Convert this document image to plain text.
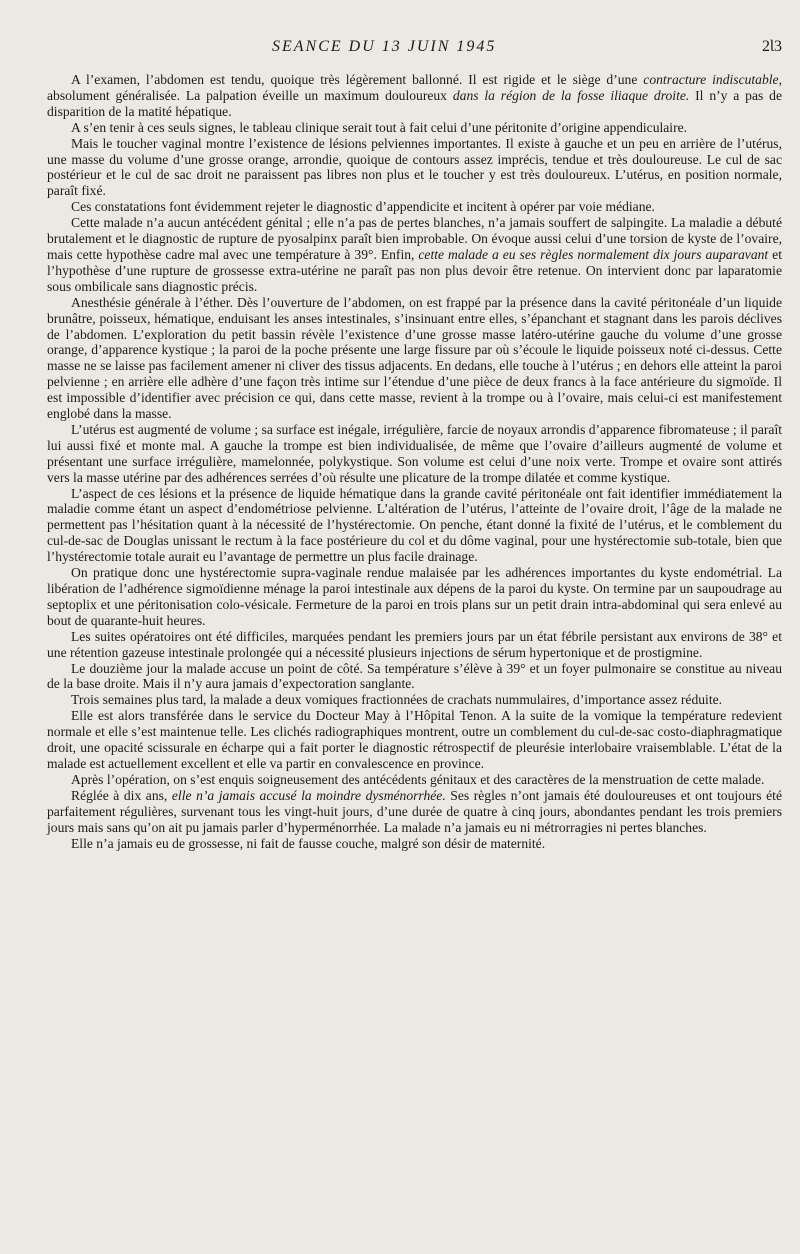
SEANCE DU 13 JUIN 1945	2Ɩ3

A l’examen, l’abdomen est tendu, quoique très légèrement ballonné. Il est rigide et le siège d’une contracture indiscutable, absolument généralisée. La palpation éveille un maximum douloureux dans la région de la fosse iliaque droite. Il n’y a pas de disparition de la matité hépatique.

A s’en tenir à ces seuls signes, le tableau clinique serait tout à fait celui d’une péritonite d’origine appendiculaire.

Mais le toucher vaginal montre l’existence de lésions pelviennes importantes. Il existe à gauche et un peu en arrière de l’utérus, une masse du volume d’une grosse orange, arrondie, quoique de contours assez imprécis, tendue et très douloureuse. Le cul de sac postérieur et le cul de sac droit ne paraissent pas libres non plus et le toucher y est très douloureux. L’utérus, en position normale, paraît fixé.

Ces constatations font évidemment rejeter le diagnostic d’appendicite et incitent à opérer par voie médiane.

Cette malade n’a aucun antécédent génital ; elle n’a pas de pertes blanches, n’a jamais souffert de salpingite. La maladie a débuté brutalement et le diagnostic de rupture de pyosalpinx paraît bien improbable. On évoque aussi celui d’une torsion de kyste de l’ovaire, mais cette hypothèse cadre mal avec une température à 39°. Enfin, cette malade a eu ses règles normalement dix jours auparavant et l’hypothèse d’une rupture de grossesse extra-utérine ne paraît pas non plus devoir être retenue. On intervient donc par laparatomie sous ombilicale sans diagnostic précis.

Anesthésie générale à l’éther. Dès l’ouverture de l’abdomen, on est frappé par la présence dans la cavité péritonéale d’un liquide brunâtre, poisseux, hématique, enduisant les anses intestinales, s’insinuant entre elles, s’épanchant et stagnant dans les parois déclives de l’abdomen. L’exploration du petit bassin révèle l’existence d’une grosse masse latéro-utérine gauche du volume d’une grosse orange, d’apparence kystique ; la paroi de la poche présente une large fissure par où s’écoule le liquide poisseux noté ci-dessus. Cette masse ne se laisse pas facilement amener ni cliver des tissus adjacents. En dedans, elle touche à l’utérus ; en dehors elle atteint la paroi pelvienne ; en arrière elle adhère d’une façon très intime sur l’étendue d’une pièce de deux francs à la face antérieure du sigmoïde. Il est impossible d’identifier avec précision ce qui, dans cette masse, revient à la trompe ou à l’ovaire, mais celui-ci est manifestement englobé dans la masse.

L’utérus est augmenté de volume ; sa surface est inégale, irrégulière, farcie de noyaux arrondis d’apparence fibromateuse ; il paraît lui aussi fixé et monte mal. A gauche la trompe est bien individualisée, de même que l’ovaire d’ailleurs augmenté de volume et présentant une surface irrégulière, mamelonnée, polykystique. Son volume est celui d’une noix verte. Trompe et ovaire sont attirés vers la masse utérine par des adhérences serrées d’où résulte une plicature de la trompe dilatée et comme kystique.

L’aspect de ces lésions et la présence de liquide hématique dans la grande cavité péritonéale ont fait identifier immédiatement la maladie comme étant un aspect d’endométriose pelvienne. L’altération de l’utérus, l’atteinte de l’ovaire droit, l’âge de la malade ne permettent pas l’hésitation quant à la nécessité de l’hystérectomie. On penche, étant donné la fixité de l’utérus, et le comblement du cul-de-sac de Douglas unissant le rectum à la face postérieure du col et du dôme vaginal, pour une hystérectomie sub-totale, bien que l’hystérectomie totale aurait eu l’avantage de permettre un plus facile drainage.

On pratique donc une hystérectomie supra-vaginale rendue malaisée par les adhérences importantes du kyste endométrial. La libération de l’adhérence sigmoïdienne ménage la paroi intestinale aux dépens de la paroi du kyste. On termine par un saupoudrage au septoplix et une péritonisation colo-vésicale. Fermeture de la paroi en trois plans sur un petit drain intra-abdominal qui sera enlevé au bout de quarante-huit heures.

Les suites opératoires ont été difficiles, marquées pendant les premiers jours par un état fébrile persistant aux environs de 38° et une rétention gazeuse intestinale prolongée qui a nécessité plusieurs injections de sérum hypertonique et de prostigmine.

Le douzième jour la malade accuse un point de côté. Sa température s’élève à 39° et un foyer pulmonaire se constitue au niveau de la base droite. Mais il n’y aura jamais d’expectoration sanglante.

Trois semaines plus tard, la malade a deux vomiques fractionnées de crachats nummulaires, d’importance assez réduite.

Elle est alors transférée dans le service du Docteur May à l’Hôpital Tenon. A la suite de la vomique la température redevient normale et elle s’est maintenue telle. Les clichés radiographiques montrent, outre un comblement du cul-de-sac costo-diaphragmatique droit, une opacité scissurale en écharpe qui a fait porter le diagnostic rétrospectif de pleurésie interlobaire vraisemblable. L’état de la malade est actuellement excellent et elle va partir en convalescence en province.

Après l’opération, on s’est enquis soigneusement des antécédents génitaux et des caractères de la menstruation de cette malade.

Réglée à dix ans, elle n’a jamais accusé la moindre dysménorrhée. Ses règles n’ont jamais été douloureuses et ont toujours été parfaitement régulières, survenant tous les vingt-huit jours, d’une durée de quatre à cinq jours, abondantes pendant les trois premiers jours mais sans qu’on ait pu jamais parler d’hyperménorrhée. La malade n’a jamais eu ni métrorragies ni pertes blanches.

Elle n’a jamais eu de grossesse, ni fait de fausse couche, malgré son désir de maternité.
